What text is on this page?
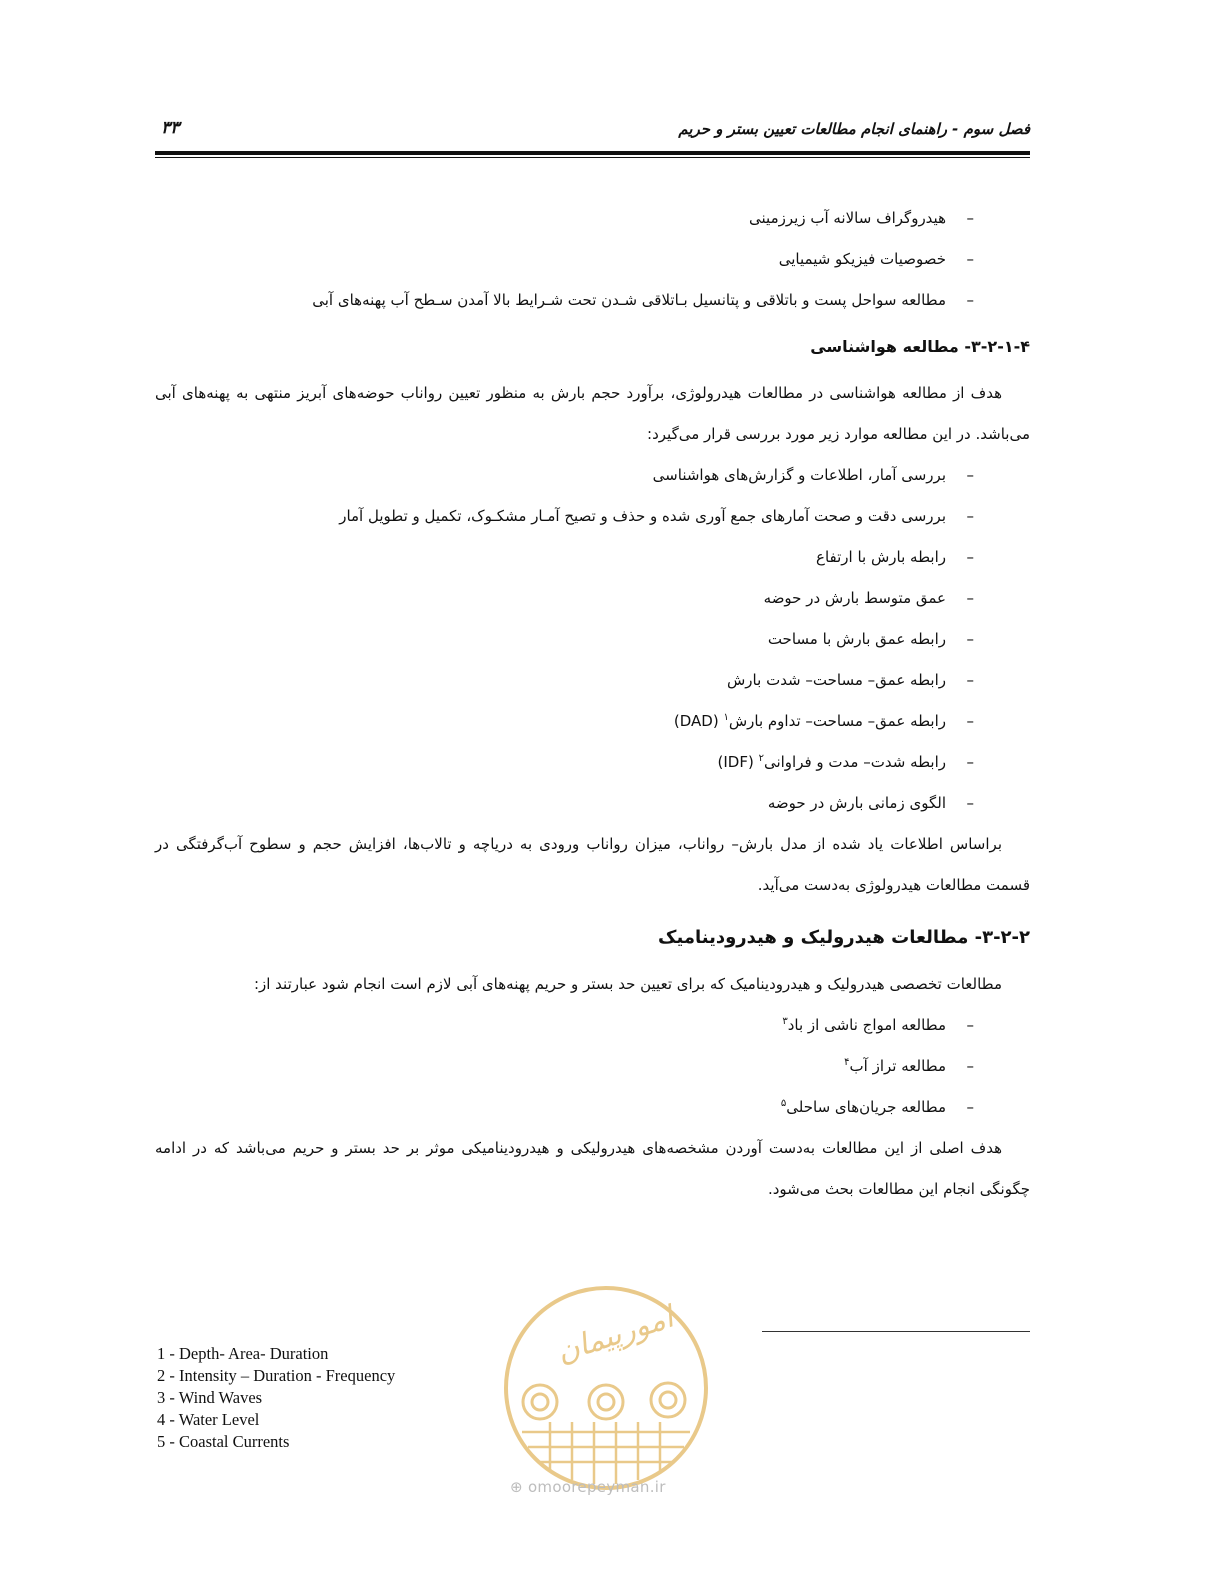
فصل سوم - راهنمای انجام مطالعات تعیین بستر و حریم
۳۳
–
هیدروگراف سالانه آب زیرزمینی
–
خصوصیات فیزیکو شیمیایی
–
مطالعه سواحل پست و باتلاقی و پتانسیل بـاتلاقی شـدن تحت شـرایط بالا آمدن سـطح آب پهنه‌های آبی
۳-۲-۱-۴- مطالعه هواشناسی

هدف از مطالعه هواشناسی در مطالعات هیدرولوژی، برآورد حجم بارش به منظور تعیین رواناب حوضه‌های آبریز منتهی به پهنه‌های آبی می‌باشد. در این مطالعه موارد زیر مورد بررسی قرار می‌گیرد:

–
بررسی آمار، اطلاعات و گزارش‌های هواشناسی
–
بررسی دقت و صحت آمارهای جمع آوری شده و حذف و تصیح آمـار مشکـوک، تکمیل و تطویل آمار
–
رابطه بارش با ارتفاع
–
عمق متوسط بارش در حوضه
–
رابطه عمق بارش با مساحت
–
رابطه عمق– مساحت– شدت بارش
–
رابطه عمق– مساحت– تداوم بارش$^۱$ (DAD)
–
رابطه شدت– مدت و فراوانی$^۲$ (IDF)
–
الگوی زمانی بارش در حوضه

براساس اطلاعات یاد شده از مدل بارش– رواناب، میزان رواناب ورودی به دریاچه و تالاب‌ها، افزایش حجم و سطوح آب‌گرفتگی در قسمت مطالعات هیدرولوژی به‌دست می‌آید.

۳-۲-۲- مطالعات هیدرولیک و هیدرودینامیک

مطالعات تخصصی هیدرولیک و هیدرودینامیک که برای تعیین حد بستر و حریم پهنه‌های آبی لازم است انجام شود عبارتند از:

–
مطالعه امواج ناشی از باد$^۳$
–
مطالعه تراز آب$^۴$
–
مطالعه جریان‌های ساحلی$^۵$

هدف اصلی از این مطالعات به‌دست آوردن مشخصه‌های هیدرولیکی و هیدرودینامیکی موثر بر حد بستر و حریم می‌باشد که در ادامه چگونگی انجام این مطالعات بحث می‌شود.

1 - Depth- Area- Duration
2 - Intensity – Duration - Frequency
3 - Wind Waves
4 - Water Level
5 - Coastal Currents
امورپیمان
⊕ omoorepeyman.ir
